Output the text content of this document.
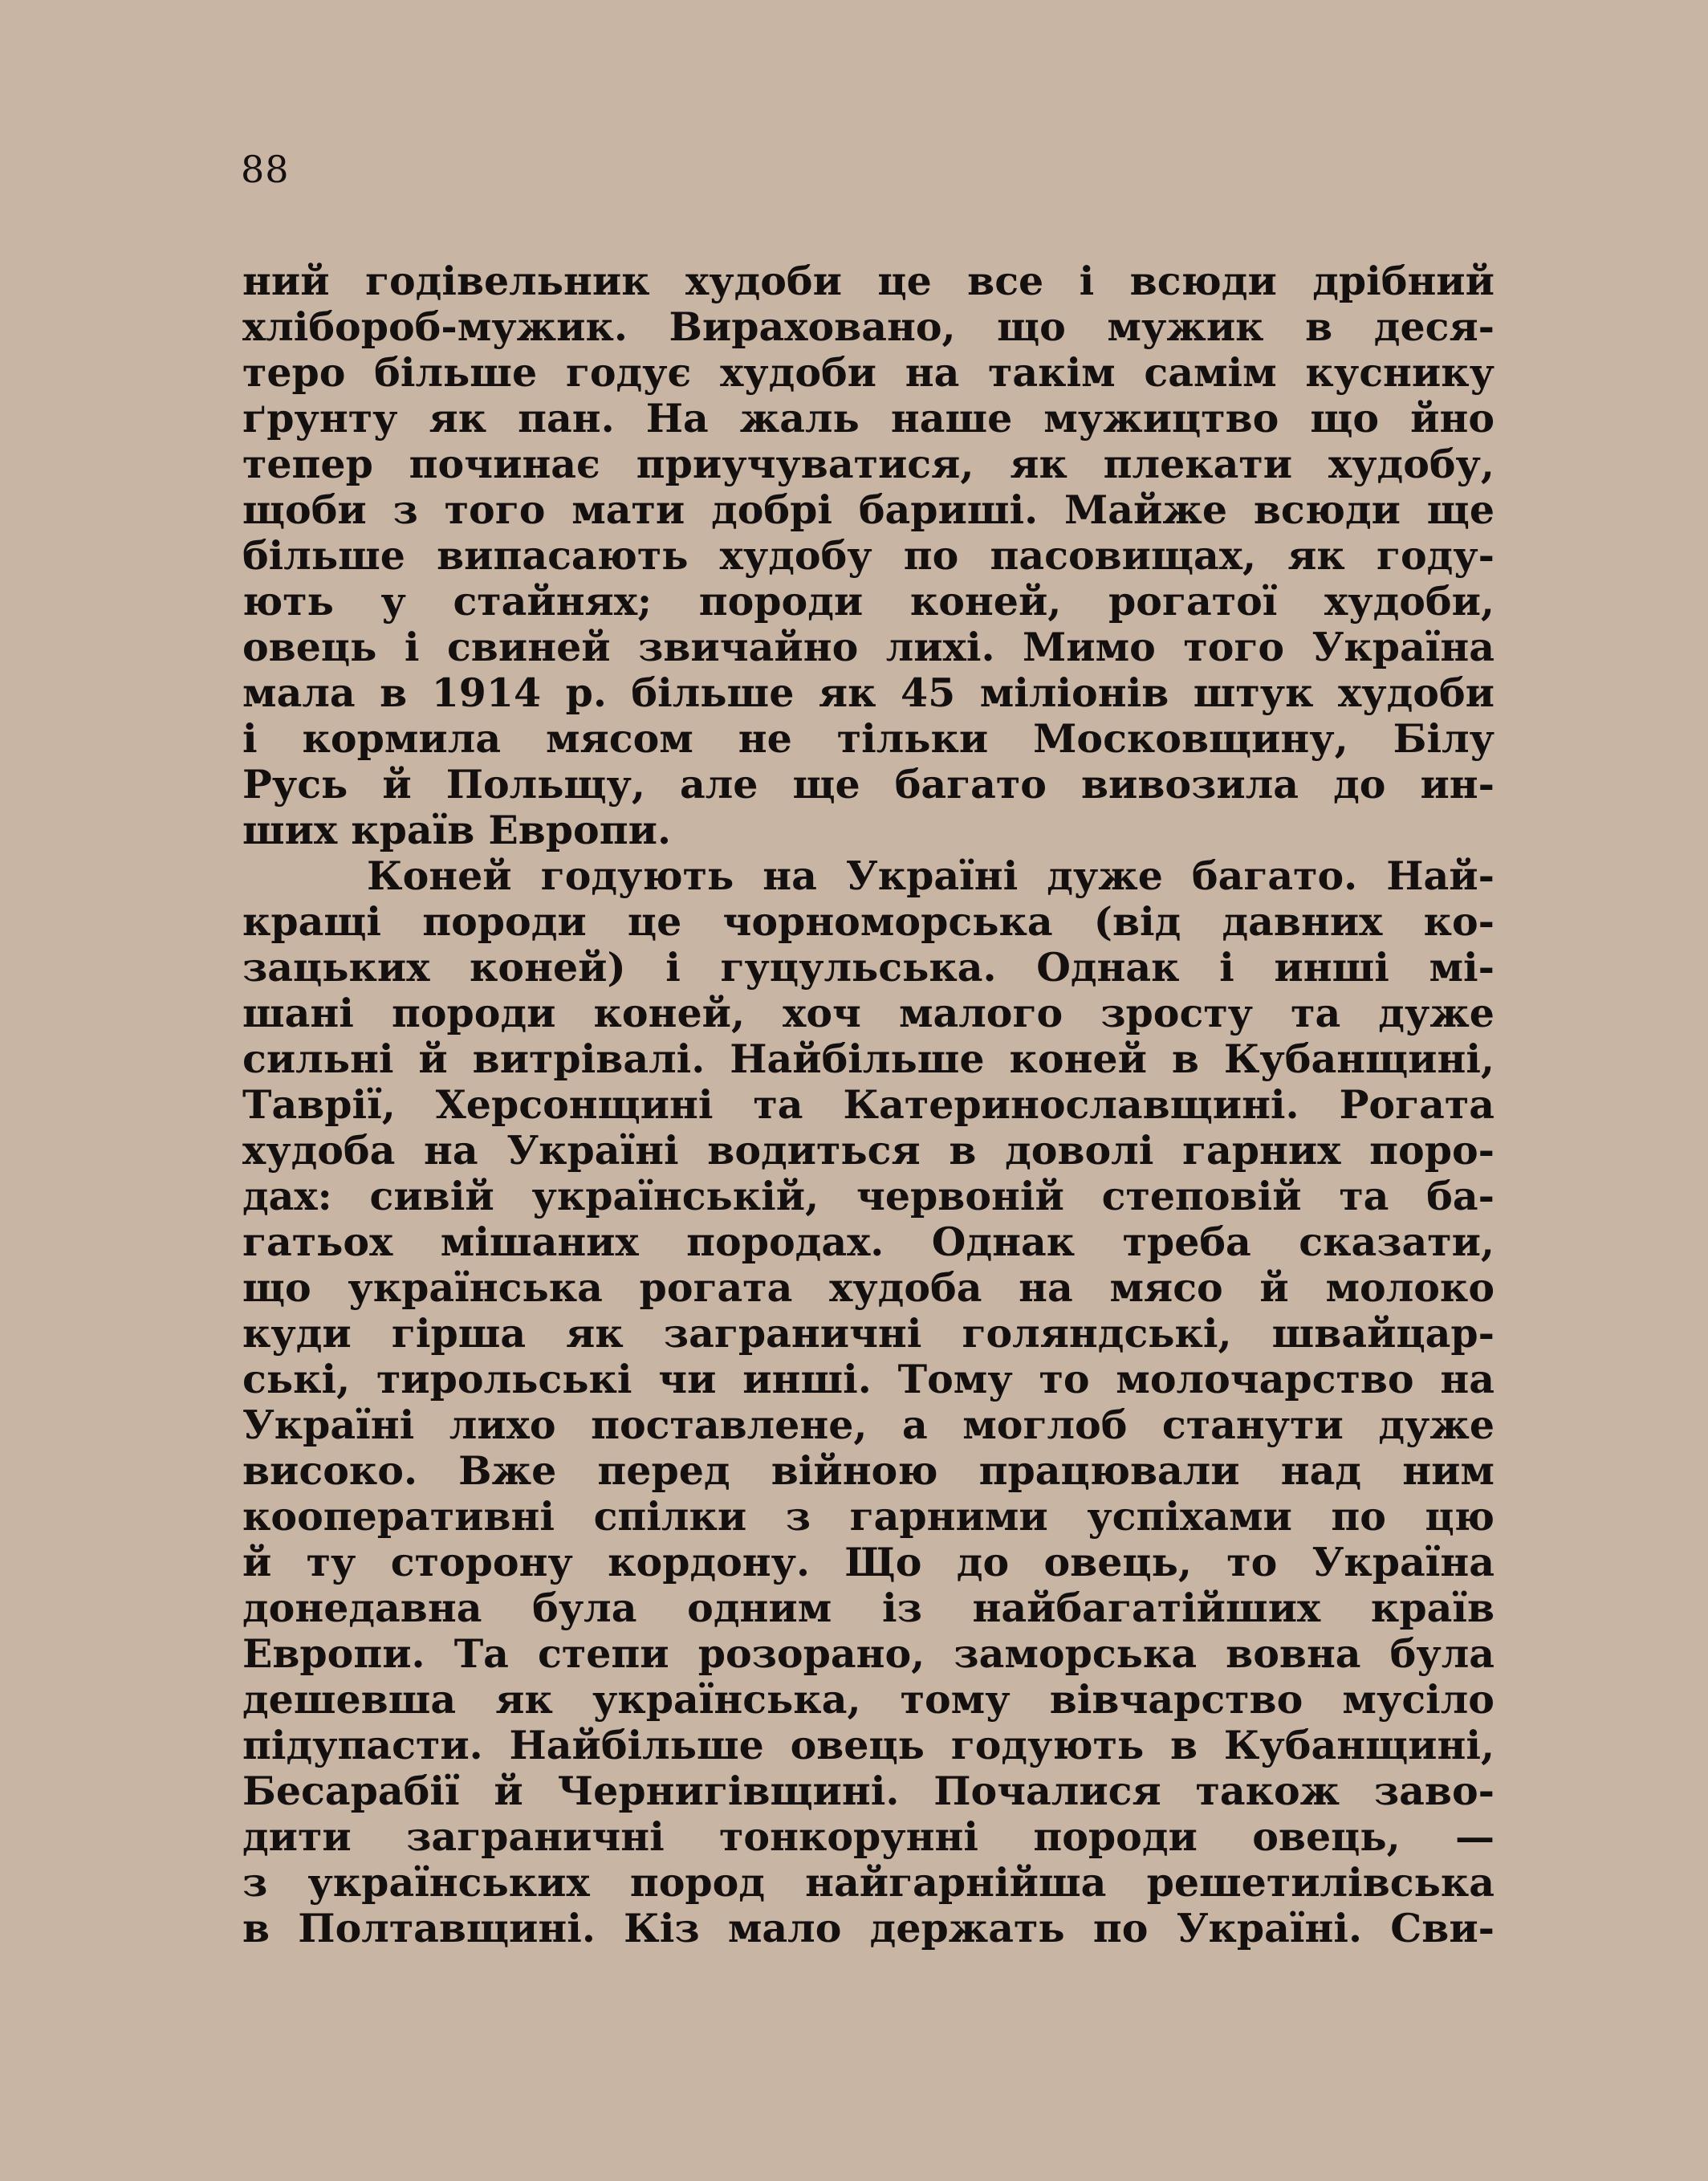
88
ний годівельник худоби це все і всюди дрібний
хлібороб-мужик. Вираховано, що мужик в деся-
теро більше годує худоби на такім самім куснику
ґрунту як пан. На жаль наше мужицтво що йно
тепер починає приучуватися, як плекати худобу,
щоби з того мати добрі бариші. Майже всюди ще
більше випасають худобу по пасовищах, як году-
ють у стайнях; породи коней, рогатої худоби,
овець і свиней звичайно лихі. Мимо того Україна
мала в 1914 р. більше як 45 міліонів штук худоби
і кормила мясом не тільки Московщину, Білу
Русь й Польщу, але ще багато вивозила до ин-
ших країв Европи.
Коней годують на Україні дуже багато. Най-
кращі породи це чорноморська (від давних ко-
зацьких коней) і гуцульська. Однак і инші мі-
шані породи коней, хоч малого зросту та дуже
сильні й витрівалі. Найбільше коней в Кубанщині,
Таврії, Херсонщині та Катеринославщині. Рогата
худоба на Україні водиться в доволі гарних поро-
дах: сивій українській, червоній степовій та ба-
гатьох мішаних породах. Однак треба сказати,
що українська рогата худоба на мясо й молоко
куди гірша як заграничні голяндські, швайцар-
ські, тирольські чи инші. Тому то молочарство на
Україні лихо поставлене, а моглоб станути дуже
високо. Вже перед війною працювали над ним
кооперативні спілки з гарними успіхами по цю
й ту сторону кордону. Що до овець, то Україна
донедавна була одним із найбагатійших країв
Европи. Та степи розорано, заморська вовна була
дешевша як українська, тому вівчарство мусіло
підупасти. Найбільше овець годують в Кубанщині,
Бесарабії й Чернигівщині. Почалися також заво-
дити заграничні тонкорунні породи овець, —
з українських пород найгарнійша решетилівська
в Полтавщині. Кіз мало держать по Україні. Сви-
